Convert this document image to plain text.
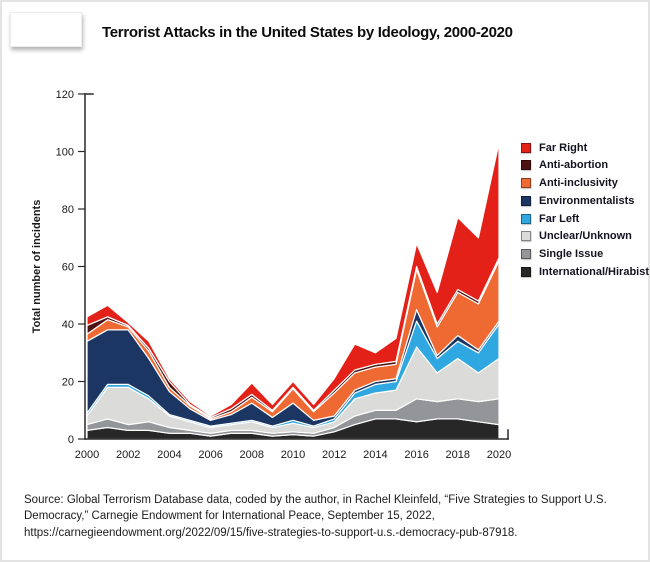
Terrorist Attacks in the United States by Ideology, 2000-2020
0
20
40
60
80
100
120
2000 2002 2004 2006 2008 2010 2012 2014 2016 2018 2020
Total number of incidents
Far Right
Anti-abortion
Anti-inclusivity
Environmentalists
Far Left
Unclear/Unknown
Single Issue
International/Hirabist

Source: Global Terrorism Database data, coded by the author, in Rachel Kleinfeld, “Five Strategies to Support U.S. Democracy,” Carnegie Endowment for International Peace, September 15, 2022, https://carnegieendowment.org/2022/09/15/five-strategies-to-support-u.s.-democracy-pub-87918.
